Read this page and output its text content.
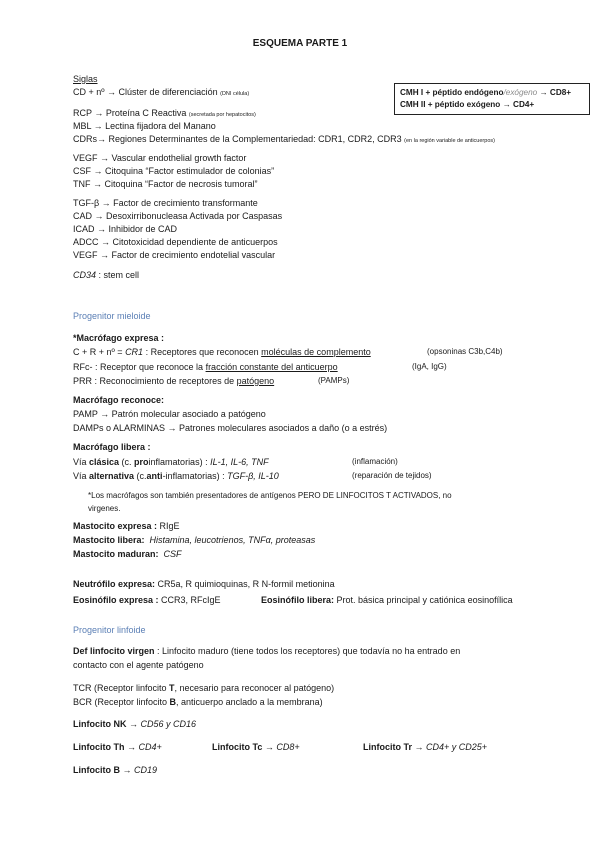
ESQUEMA PARTE 1
Siglas
CD + nº → Clúster de diferenciación (DNI célula)
RCP → Proteína C Reactiva (secretada por hepatocitos)
MBL → Lectina fijadora del Manano
CDRs→ Regiones Determinantes de la Complementariedad: CDR1, CDR2, CDR3 (en la región variable de anticuerpos)
VEGF → Vascular endothelial growth factor
CSF → Citoquina “Factor estimulador de colonias”
TNF → Citoquina “Factor de necrosis tumoral”
TGF-β → Factor de crecimiento transformante
CAD → Desoxirribonucleasa Activada por Caspasas
ICAD → Inhibidor de CAD
ADCC → Citotoxicidad dependiente de anticuerpos
VEGF → Factor de crecimiento endotelial vascular
CD34 : stem cell
CMH I + péptido endógeno/exógeno → CD8+
CMH II + péptido exógeno → CD4+
Progenitor mieloide
*Macrófago expresa :
C + R + nº = CR1 : Receptores que reconocen moléculas de complemento	(opsoninas C3b,C4b)
RFc- : Receptor que reconoce la fracción constante del anticuerpo	(IgA, IgG)
PRR : Reconocimiento de receptores de patógeno	(PAMPs)
Macrófago reconoce:
PAMP → Patrón molecular asociado a patógeno
DAMPs o ALARMINAS → Patrones moleculares asociados a daño (o a estrés)
Macrófago libera :
Vía clásica (c. proinflamatorias) : IL-1, IL-6, TNF	(inflamación)
Vía alternativa (c.anti-inflamatorias) : TGF-β, IL-10	(reparación de tejidos)
*Los macrófagos son también presentadores de antígenos PERO DE LINFOCITOS T ACTIVADOS, no
virgenes.
Mastocito expresa : RIgE
Mastocito libera: Histamina, leucotrienos, TNFα, proteasas
Mastocito maduran: CSF
Neutrófilo expresa: CR5a, R quimioquinas, R N-formil metionina
Eosinófilo expresa : CCR3, RFcIgE	Eosinófilo libera: Prot. básica principal y catiónica eosinofílica
Progenitor linfoide
Def linfocito virgen : Linfocito maduro (tiene todos los receptores) que todavía no ha entrado en
contacto con el agente patógeno
TCR (Receptor linfocito T, necesario para reconocer al patógeno)
BCR (Receptor linfocito B, anticuerpo anclado a la membrana)
Linfocito NK → CD56 y CD16
Linfocito Th → CD4+	Linfocito Tc → CD8+	Linfocito Tr → CD4+ y CD25+
Linfocito B → CD19
